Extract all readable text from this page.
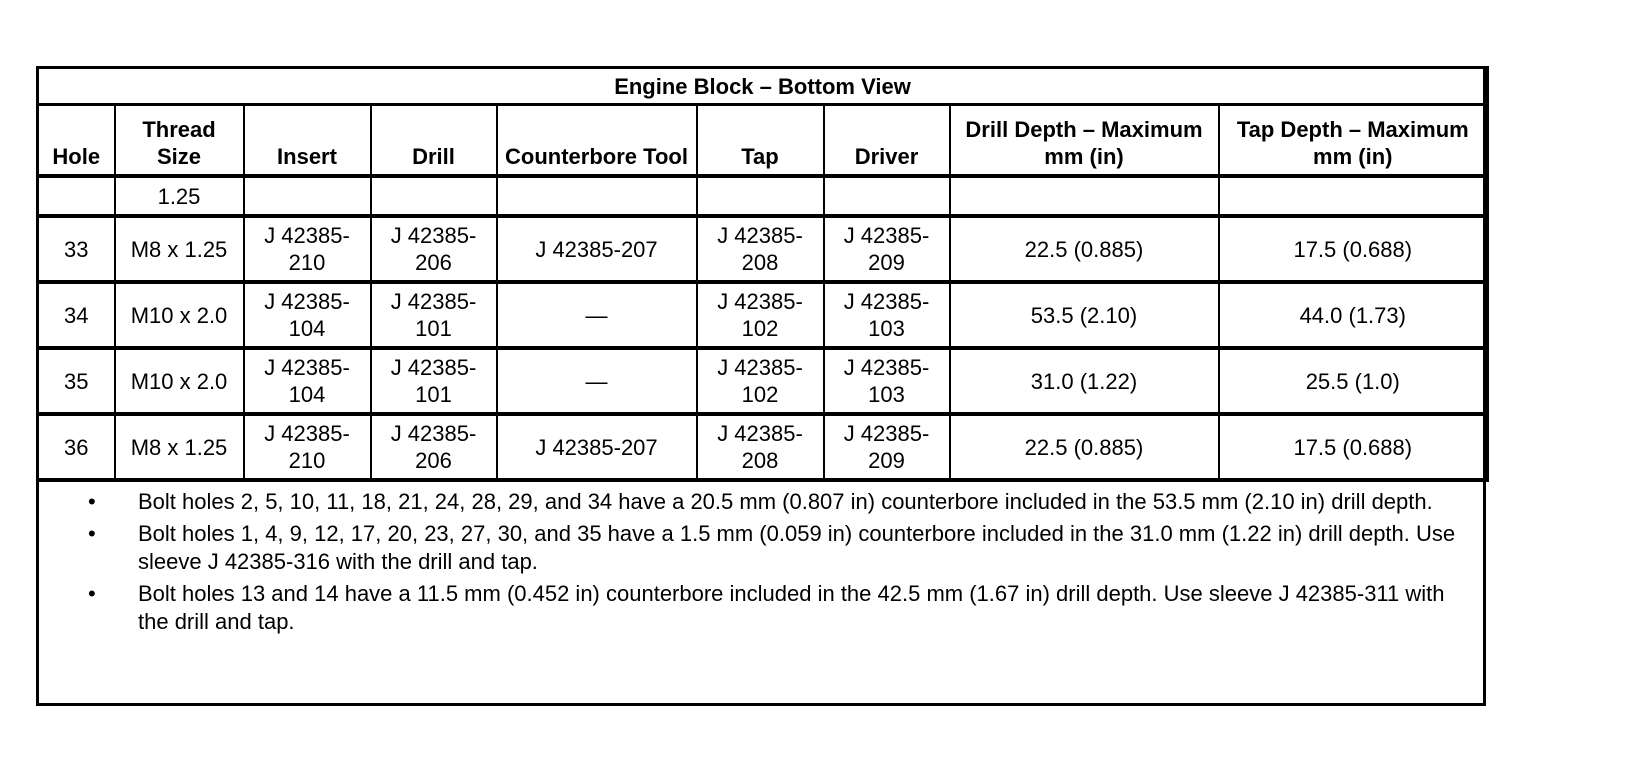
Engine Block – Bottom View								
Hole	Thread Size	Insert	Drill	Counterbore Tool	Tap	Driver	Drill Depth – Maximum mm (in)	Tap Depth – Maximum mm (in)
	1.25							
33	M8 x 1.25	J 42385-210	J 42385-206	J 42385-207	J 42385-208	J 42385-209	22.5 (0.885)	17.5 (0.688)
34	M10 x 2.0	J 42385-104	J 42385-101	—	J 42385-102	J 42385-103	53.5 (2.10)	44.0 (1.73)
35	M10 x 2.0	J 42385-104	J 42385-101	—	J 42385-102	J 42385-103	31.0 (1.22)	25.5 (1.0)
36	M8 x 1.25	J 42385-210	J 42385-206	J 42385-207	J 42385-208	J 42385-209	22.5 (0.885)	17.5 (0.688)
• Bolt holes 2, 5, 10, 11, 18, 21, 24, 28, 29, and 34 have a 20.5 mm (0.807 in) counterbore included in the 53.5 mm (2.10 in) drill depth.
• Bolt holes 1, 4, 9, 12, 17, 20, 23, 27, 30, and 35 have a 1.5 mm (0.059 in) counterbore included in the 31.0 mm (1.22 in) drill depth. Use sleeve J 42385-316 with the drill and tap.
• Bolt holes 13 and 14 have a 11.5 mm (0.452 in) counterbore included in the 42.5 mm (1.67 in) drill depth. Use sleeve J 42385-311 with the drill and tap.
